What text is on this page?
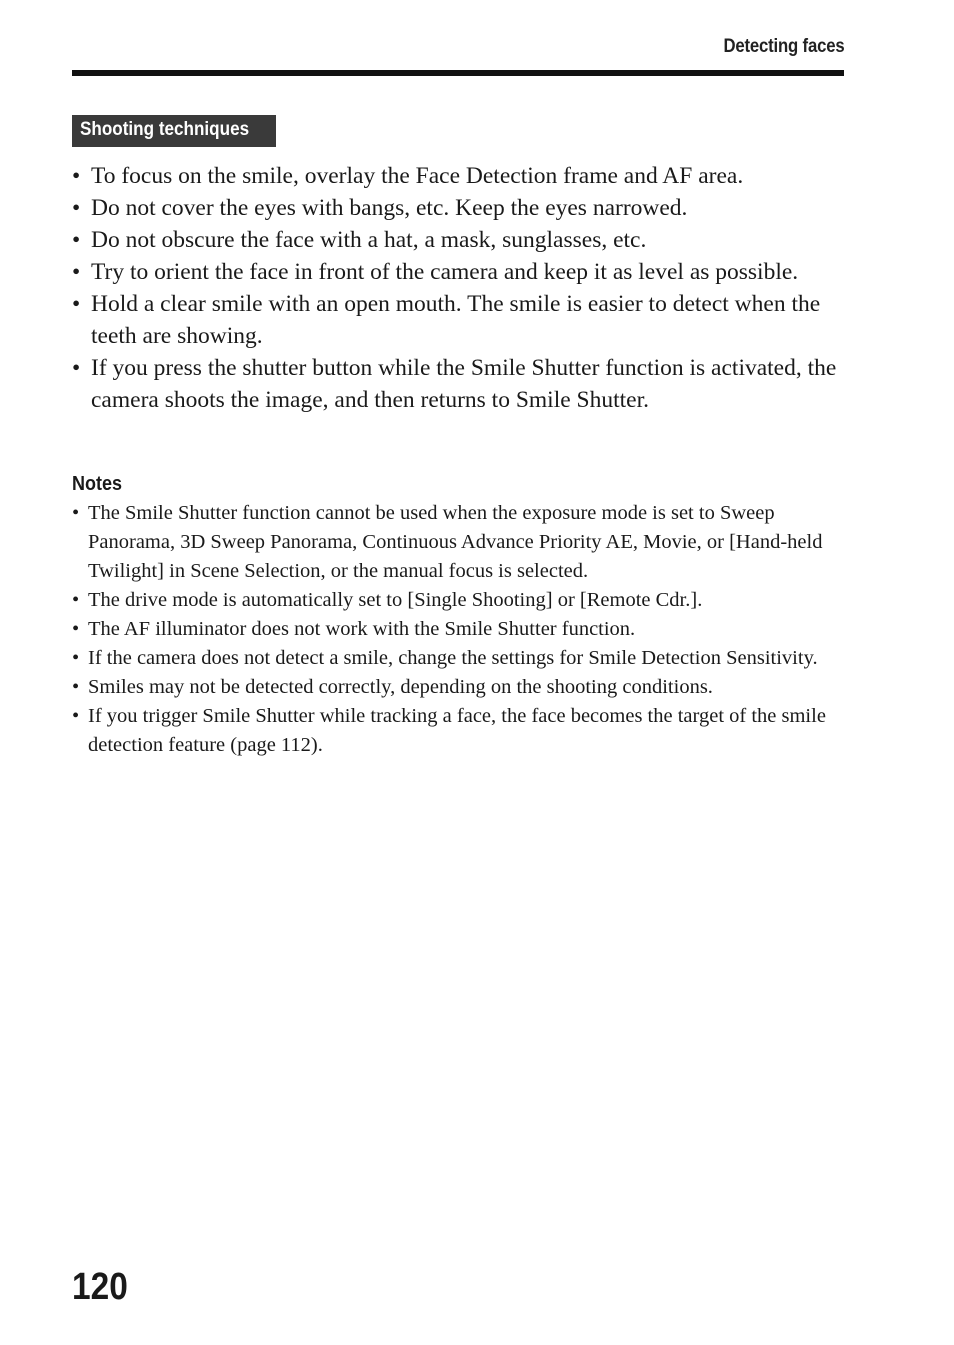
Detecting faces
Shooting techniques
• To focus on the smile, overlay the Face Detection frame and AF area.
• Do not cover the eyes with bangs, etc. Keep the eyes narrowed.
• Do not obscure the face with a hat, a mask, sunglasses, etc.
• Try to orient the face in front of the camera and keep it as level as possible.
• Hold a clear smile with an open mouth. The smile is easier to detect when the teeth are showing.
• If you press the shutter button while the Smile Shutter function is activated, the camera shoots the image, and then returns to Smile Shutter.
Notes
• The Smile Shutter function cannot be used when the exposure mode is set to Sweep Panorama, 3D Sweep Panorama, Continuous Advance Priority AE, Movie, or [Hand-held Twilight] in Scene Selection, or the manual focus is selected.
• The drive mode is automatically set to [Single Shooting] or [Remote Cdr.].
• The AF illuminator does not work with the Smile Shutter function.
• If the camera does not detect a smile, change the settings for Smile Detection Sensitivity.
• Smiles may not be detected correctly, depending on the shooting conditions.
• If you trigger Smile Shutter while tracking a face, the face becomes the target of the smile detection feature (page 112).
120
